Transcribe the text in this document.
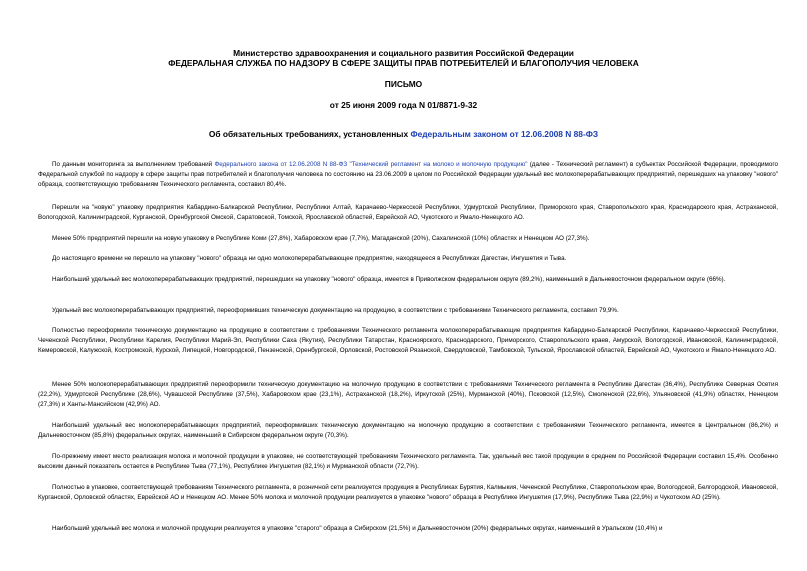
Министерство здравоохранения и социального развития Российской Федерации
ФЕДЕРАЛЬНАЯ СЛУЖБА ПО НАДЗОРУ В СФЕРЕ ЗАЩИТЫ ПРАВ ПОТРЕБИТЕЛЕЙ И БЛАГОПОЛУЧИЯ ЧЕЛОВЕКА
ПИСЬМО
от 25 июня 2009 года N 01/8871-9-32
Об обязательных требованиях, установленных Федеральным законом от 12.06.2008 N 88-ФЗ
По данным мониторинга за выполнением требований Федерального закона от 12.06.2008 N 88-ФЗ "Технический регламент на молоко и молочную продукцию" (далее - Технический регламент) в субъектах Российской Федерации, проводимого Федеральной службой по надзору в сфере защиты прав потребителей и благополучия человека по состоянию на 23.06.2009 в целом по Российской Федерации удельный вес молокоперерабатывающих предприятий, перешедших на упаковку "нового" образца, соответствующую требованиям Технического регламента, составил 80,4%.
Перешли на "новую" упаковку предприятия Кабардино-Балкарской Республики, Республики Алтай, Карачаево-Черкесской Республики, Удмуртской Республики, Приморского края, Ставропольского края, Краснодарского края, Астраханской, Вологодской, Калининградской, Курганской, Оренбургской Омской, Саратовской, Томской, Ярославской областей, Еврейской АО, Чукотского и Ямало-Ненецкого АО.
Менее 50% предприятий перешли на новую упаковку в Республике Коми (27,8%), Хабаровском крае (7,7%), Магаданской (20%), Сахалинской (10%) областях и Ненецком АО (27,3%).
До настоящего времени не перешло на упаковку "нового" образца ни одно молокоперерабатывающее предприятие, находящееся в Республиках Дагестан, Ингушетия и Тыва.
Наибольший удельный вес молокоперерабатывающих предприятий, перешедших на упаковку "нового" образца, имеется в Приволжском федеральном округе (89,2%), наименьший в Дальневосточном федеральном округе (66%).
Удельный вес молокоперерабатывающих предприятий, переоформивших техническую документацию на продукцию, в соответствии с требованиями Технического регламента, составил 79,9%.
Полностью переоформили техническую документацию на продукцию в соответствии с требованиями Технического регламента молокоперерабатывающие предприятия Кабардино-Балкарской Республики, Карачаево-Черкесской Республики, Чеченской Республики, Республики Карелия, Республики Марий-Эл, Республики Саха (Якутия), Республики Татарстан, Красноярского, Краснодарского, Приморского, Ставропольского краев, Амурской, Вологодской, Ивановской, Калининградской, Кемеровской, Калужской, Костромской, Курской, Липецкой, Новгородской, Пензенской, Оренбургской, Орловской, Ростовской Рязанской, Свердловской, Тамбовской, Тульской, Ярославской областей, Еврейской АО, Чукотского и Ямало-Ненецкого АО.
Менее 50% молокоперерабатывающих предприятий переоформили техническую документацию на молочную продукцию в соответствии с требованиями Технического регламента в Республике Дагестан (36,4%), Республике Северная Осетия (22,2%), Удмуртской Республике (28,6%), Чувашской Республике (37,5%), Хабаровском крае (23,1%), Астраханской (18,2%), Иркутской (25%), Мурманской (40%), Псковской (12,5%), Смоленской (22,6%), Ульяновской (41,9%) областях, Ненецком (27,3%) и Ханты-Мансийском (42,9%) АО.
Наибольший удельный вес молокоперерабатывающих предприятий, переоформивших техническую документацию на молочную продукцию в соответствии с требованиями Технического регламента, имеется в Центральном (86,2%) и Дальневосточном (85,8%) федеральных округах, наименьший в Сибирском федеральном округе (70,3%).
По-прежнему имеет место реализация молока и молочной продукции в упаковке, не соответствующей требованиям Технического регламента. Так, удельный вес такой продукции в среднем по Российской Федерации составил 15,4%. Особенно высоким данный показатель остается в Республике Тыва (77,1%), Республике Ингушетия (82,1%) и Мурманской области (72,7%).
Полностью в упаковке, соответствующей требованиям Технического регламента, в розничной сети реализуется продукция в Республиках Бурятия, Калмыкия, Чеченской Республике, Ставропольском крае, Вологодской, Белгородской, Ивановской, Курганской, Орловской областях, Еврейской АО и Ненецком АО. Менее 50% молока и молочной продукции реализуется в упаковке "нового" образца в Республике Ингушетия (17,9%), Республике Тыва (22,9%) и Чукотском АО (25%).
Наибольший удельный вес молока и молочной продукции реализуется в упаковке "старого" образца в Сибирском (21,5%) и Дальневосточном (20%) федеральных округах, наименьший в Уральском (10,4%) и
